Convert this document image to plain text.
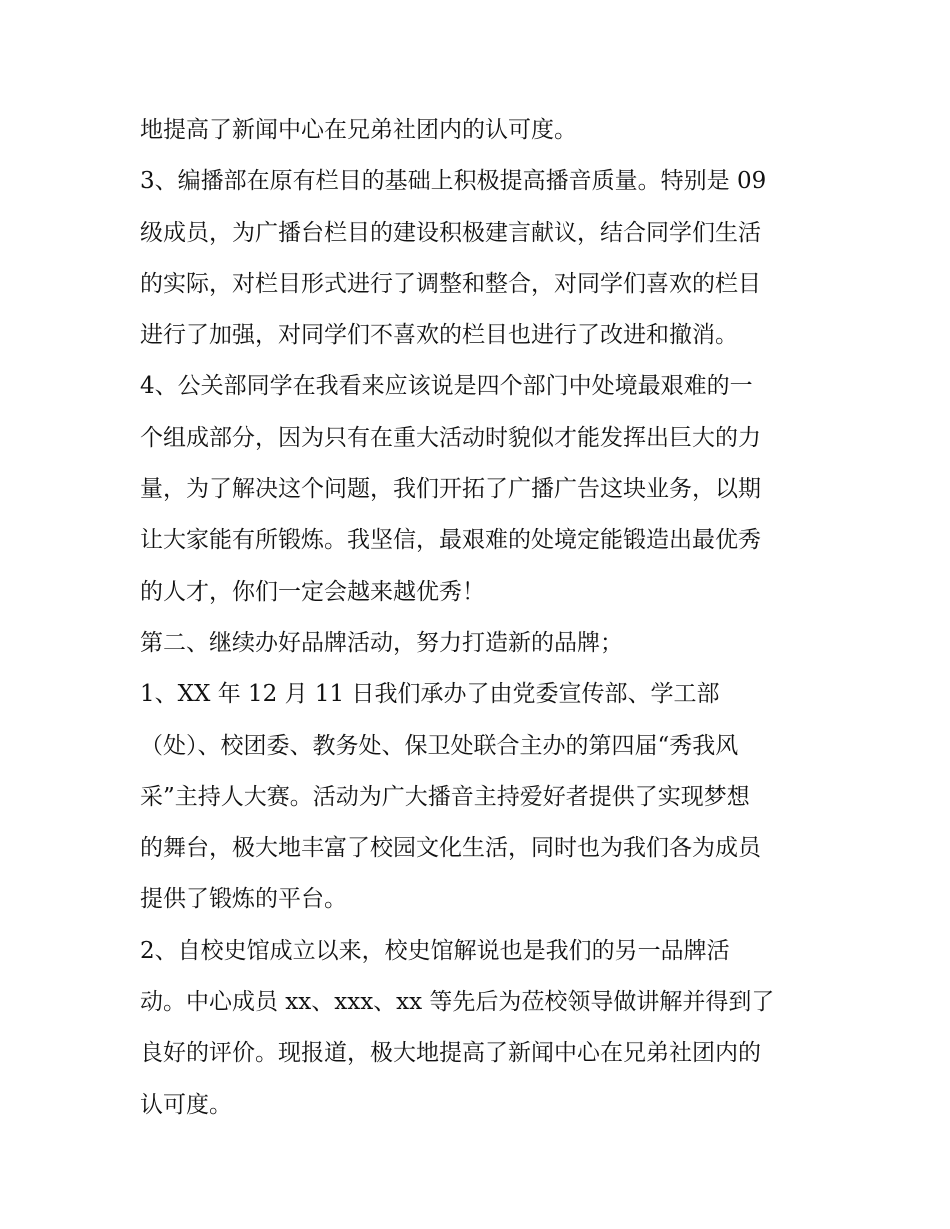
地提高了新闻中心在兄弟社团内的认可度。
3、编播部在原有栏目的基础上积极提高播音质量。特别是 09
级成员，为广播台栏目的建设积极建言献议，结合同学们生活
的实际，对栏目形式进行了调整和整合，对同学们喜欢的栏目
进行了加强，对同学们不喜欢的栏目也进行了改进和撤消。
4、公关部同学在我看来应该说是四个部门中处境最艰难的一
个组成部分，因为只有在重大活动时貌似才能发挥出巨大的力
量，为了解决这个问题，我们开拓了广播广告这块业务，以期
让大家能有所锻炼。我坚信，最艰难的处境定能锻造出最优秀
的人才，你们一定会越来越优秀！
第二、继续办好品牌活动，努力打造新的品牌；
1、XX 年 12 月 11 日我们承办了由党委宣传部、学工部
（处）、校团委、教务处、保卫处联合主办的第四届“秀我风
采”主持人大赛。活动为广大播音主持爱好者提供了实现梦想
的舞台，极大地丰富了校园文化生活，同时也为我们各为成员
提供了锻炼的平台。
2、自校史馆成立以来，校史馆解说也是我们的另一品牌活
动。中心成员 xx、xxx、xx 等先后为莅校领导做讲解并得到了
良好的评价。现报道，极大地提高了新闻中心在兄弟社团内的
认可度。
